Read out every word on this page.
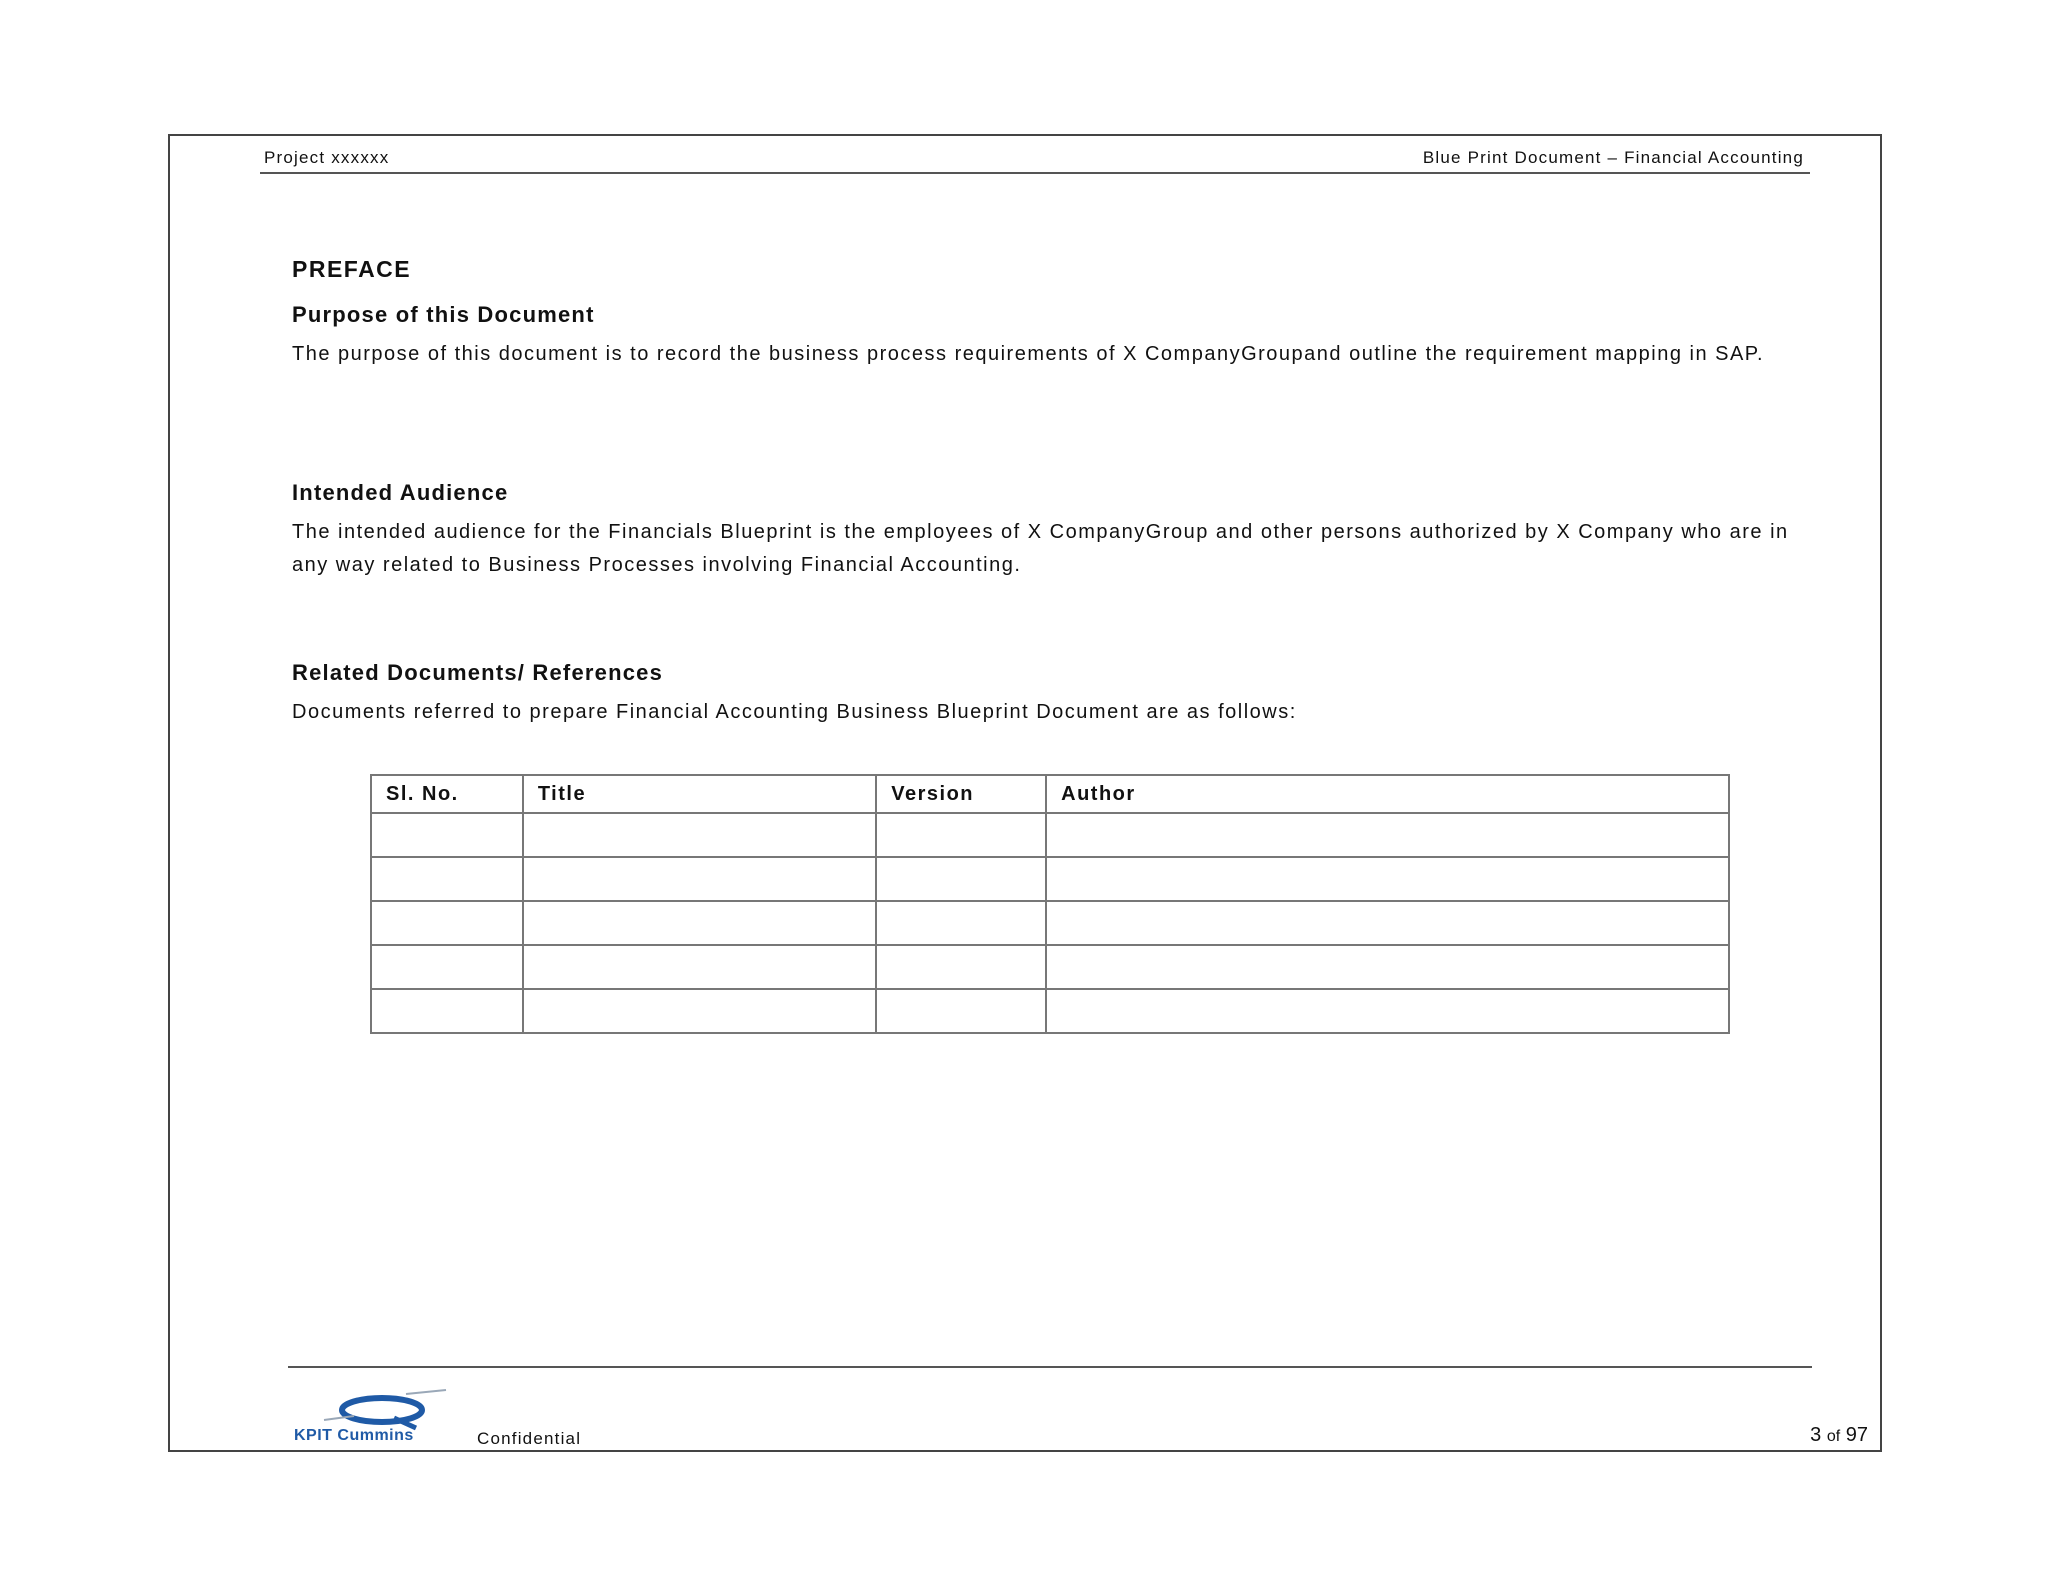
Project xxxxxx	Blue Print Document – Financial Accounting
PREFACE
Purpose of this Document
The purpose of this document is to record the business process requirements of X CompanyGroupand outline the requirement mapping in SAP.
Intended Audience
The intended audience for the Financials Blueprint is the employees of X CompanyGroup and other persons authorized by X Company who are in any way related to Business Processes involving Financial Accounting.
Related Documents/ References
Documents referred to prepare Financial Accounting Business Blueprint Document are as follows:
Sl. No.	Title	Version	Author

KPIT Cummins	Confidential	3 of 97
